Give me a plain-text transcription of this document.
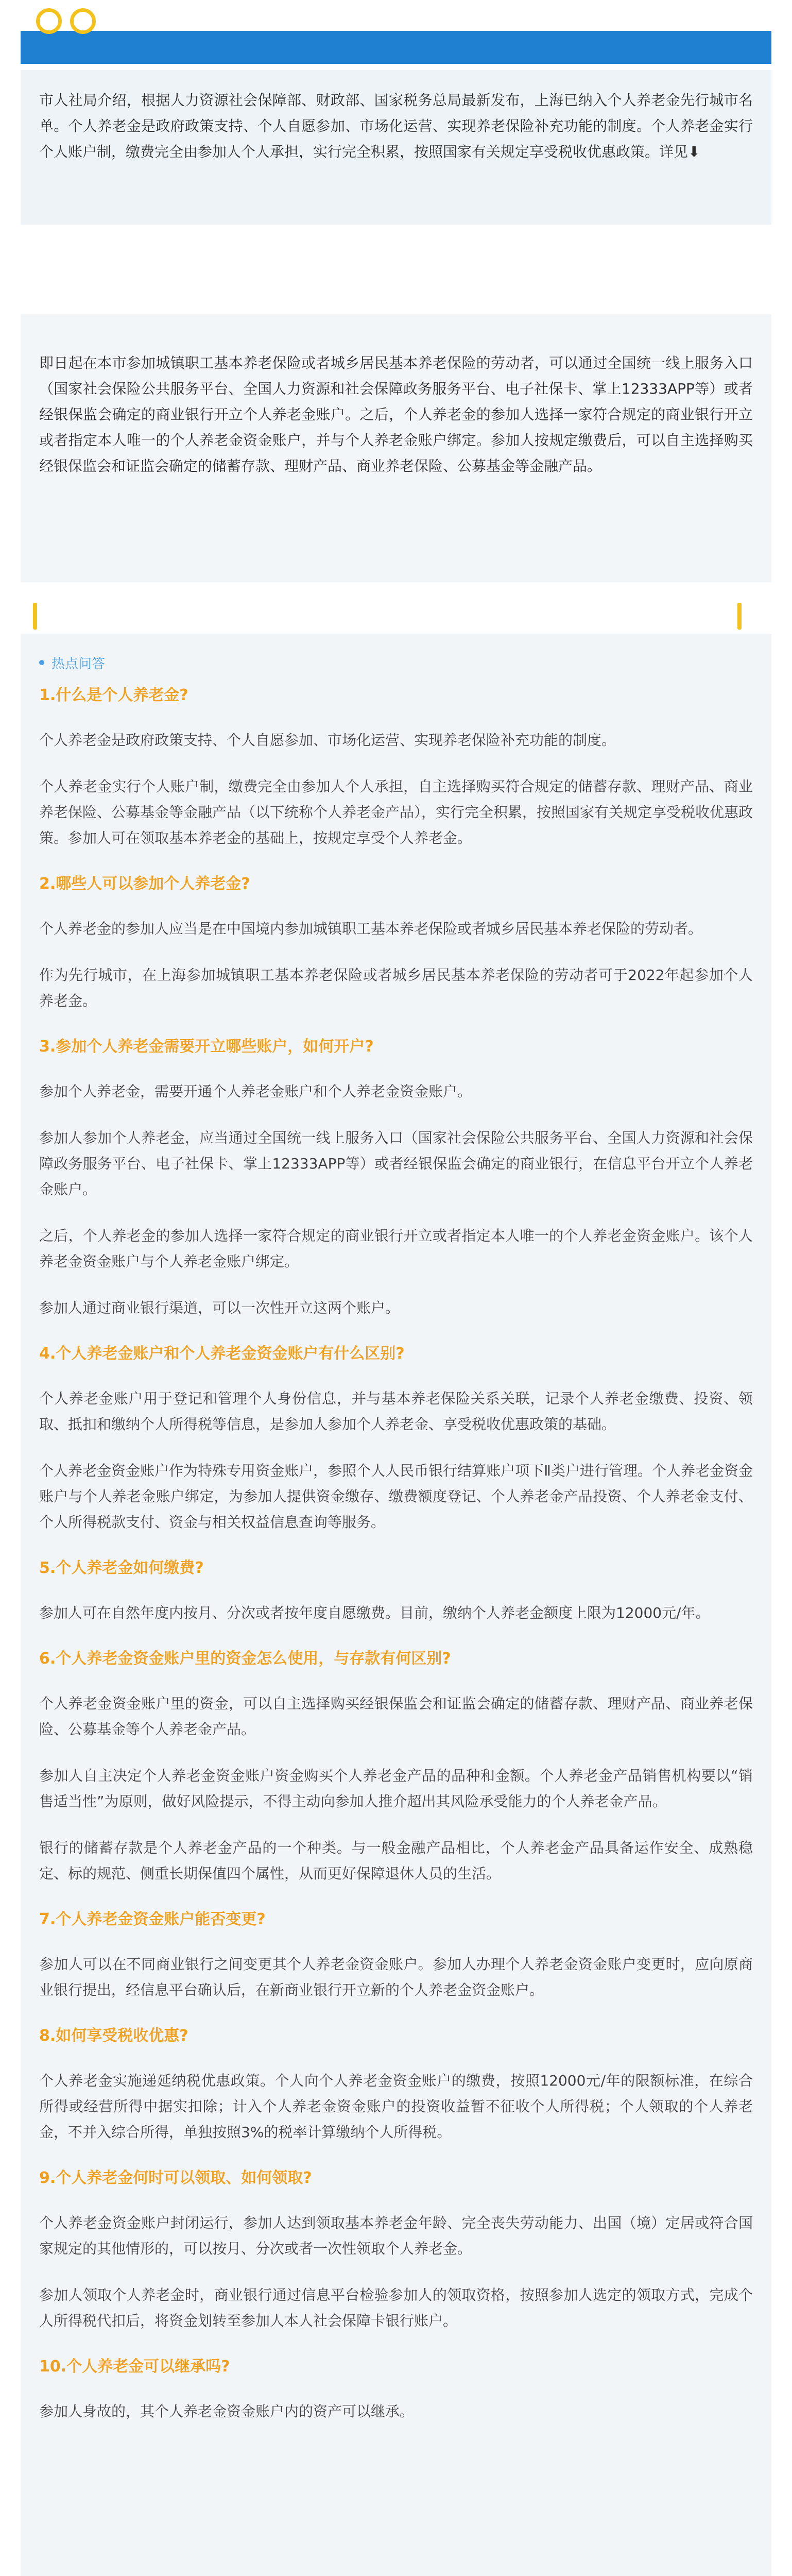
市人社局介绍，根据人力资源社会保障部、财政部、国家税务总局最新发布，上海已纳入个人养老金先行城市名单。个人养老金是政府政策支持、个人自愿参加、市场化运营、实现养老保险补充功能的制度。个人养老金实行个人账户制，缴费完全由参加人个人承担，实行完全积累，按照国家有关规定享受税收优惠政策。详见⬇
即日起在本市参加城镇职工基本养老保险或者城乡居民基本养老保险的劳动者，可以通过全国统一线上服务入口（国家社会保险公共服务平台、全国人力资源和社会保障政务服务平台、电子社保卡、掌上12333APP等）或者经银保监会确定的商业银行开立个人养老金账户。之后，个人养老金的参加人选择一家符合规定的商业银行开立或者指定本人唯一的个人养老金资金账户，并与个人养老金账户绑定。参加人按规定缴费后，可以自主选择购买经银保监会和证监会确定的储蓄存款、理财产品、商业养老保险、公募基金等金融产品。
热点问答

1.什么是个人养老金?

个人养老金是政府政策支持、个人自愿参加、市场化运营、实现养老保险补充功能的制度。

个人养老金实行个人账户制，缴费完全由参加人个人承担，自主选择购买符合规定的储蓄存款、理财产品、商业养老保险、公募基金等金融产品（以下统称个人养老金产品），实行完全积累，按照国家有关规定享受税收优惠政策。参加人可在领取基本养老金的基础上，按规定享受个人养老金。

2.哪些人可以参加个人养老金?

个人养老金的参加人应当是在中国境内参加城镇职工基本养老保险或者城乡居民基本养老保险的劳动者。

作为先行城市，在上海参加城镇职工基本养老保险或者城乡居民基本养老保险的劳动者可于2022年起参加个人养老金。

3.参加个人养老金需要开立哪些账户，如何开户?

参加个人养老金，需要开通个人养老金账户和个人养老金资金账户。

参加人参加个人养老金，应当通过全国统一线上服务入口（国家社会保险公共服务平台、全国人力资源和社会保障政务服务平台、电子社保卡、掌上12333APP等）或者经银保监会确定的商业银行，在信息平台开立个人养老金账户。

之后，个人养老金的参加人选择一家符合规定的商业银行开立或者指定本人唯一的个人养老金资金账户。该个人养老金资金账户与个人养老金账户绑定。

参加人通过商业银行渠道，可以一次性开立这两个账户。

4.个人养老金账户和个人养老金资金账户有什么区别?

个人养老金账户用于登记和管理个人身份信息，并与基本养老保险关系关联，记录个人养老金缴费、投资、领取、抵扣和缴纳个人所得税等信息，是参加人参加个人养老金、享受税收优惠政策的基础。

个人养老金资金账户作为特殊专用资金账户，参照个人人民币银行结算账户项下Ⅱ类户进行管理。个人养老金资金账户与个人养老金账户绑定，为参加人提供资金缴存、缴费额度登记、个人养老金产品投资、个人养老金支付、个人所得税款支付、资金与相关权益信息查询等服务。

5.个人养老金如何缴费?

参加人可在自然年度内按月、分次或者按年度自愿缴费。目前，缴纳个人养老金额度上限为12000元/年。

6.个人养老金资金账户里的资金怎么使用，与存款有何区别?

个人养老金资金账户里的资金，可以自主选择购买经银保监会和证监会确定的储蓄存款、理财产品、商业养老保险、公募基金等个人养老金产品。

参加人自主决定个人养老金资金账户资金购买个人养老金产品的品种和金额。个人养老金产品销售机构要以“销售适当性”为原则，做好风险提示，不得主动向参加人推介超出其风险承受能力的个人养老金产品。

银行的储蓄存款是个人养老金产品的一个种类。与一般金融产品相比，个人养老金产品具备运作安全、成熟稳定、标的规范、侧重长期保值四个属性，从而更好保障退休人员的生活。

7.个人养老金资金账户能否变更?

参加人可以在不同商业银行之间变更其个人养老金资金账户。参加人办理个人养老金资金账户变更时，应向原商业银行提出，经信息平台确认后，在新商业银行开立新的个人养老金资金账户。

8.如何享受税收优惠?

个人养老金实施递延纳税优惠政策。个人向个人养老金资金账户的缴费，按照12000元/年的限额标准，在综合所得或经营所得中据实扣除；计入个人养老金资金账户的投资收益暂不征收个人所得税；个人领取的个人养老金，不并入综合所得，单独按照3%的税率计算缴纳个人所得税。

9.个人养老金何时可以领取、如何领取?

个人养老金资金账户封闭运行，参加人达到领取基本养老金年龄、完全丧失劳动能力、出国（境）定居或符合国家规定的其他情形的，可以按月、分次或者一次性领取个人养老金。

参加人领取个人养老金时，商业银行通过信息平台检验参加人的领取资格，按照参加人选定的领取方式，完成个人所得税代扣后，将资金划转至参加人本人社会保障卡银行账户。

10.个人养老金可以继承吗?

参加人身故的，其个人养老金资金账户内的资产可以继承。
